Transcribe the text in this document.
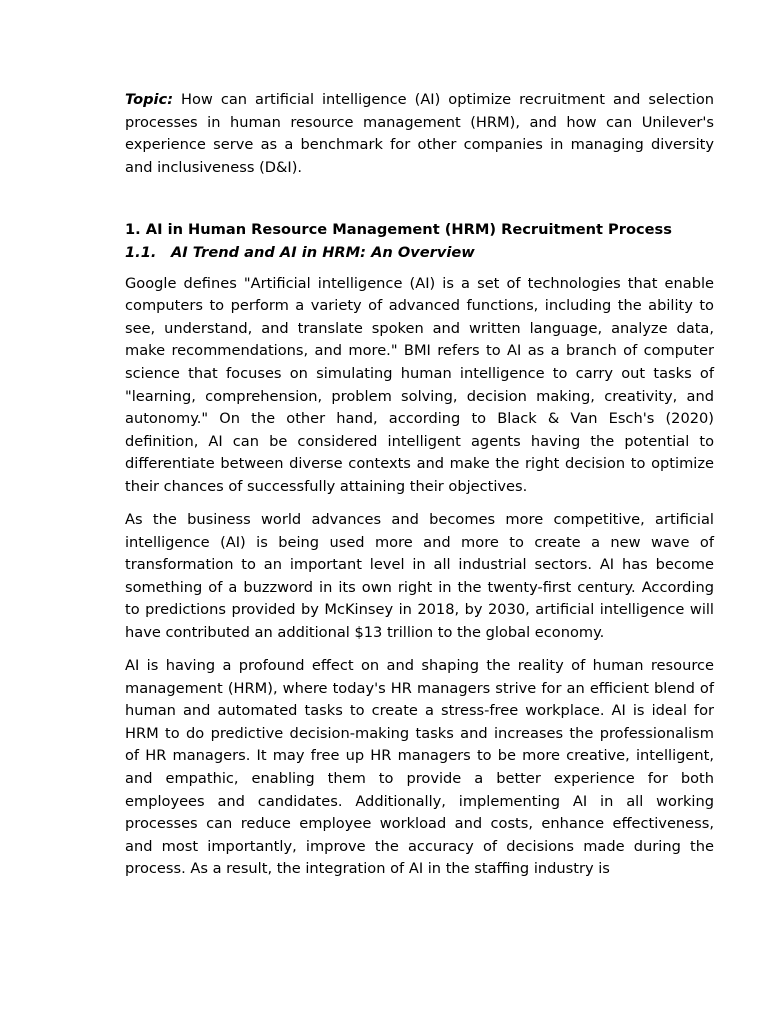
Topic: How can artificial intelligence (AI) optimize recruitment and selection processes in human resource management (HRM), and how can Unilever's experience serve as a benchmark for other companies in managing diversity and inclusiveness (D&I).

1. AI in Human Resource Management (HRM) Recruitment Process
1.1. AI Trend and AI in HRM: An Overview

Google defines "Artificial intelligence (AI) is a set of technologies that enable computers to perform a variety of advanced functions, including the ability to see, understand, and translate spoken and written language, analyze data, make recommendations, and more." BMI refers to AI as a branch of computer science that focuses on simulating human intelligence to carry out tasks of "learning, comprehension, problem solving, decision making, creativity, and autonomy." On the other hand, according to Black & Van Esch's (2020) definition, AI can be considered intelligent agents having the potential to differentiate between diverse contexts and make the right decision to optimize their chances of successfully attaining their objectives.

As the business world advances and becomes more competitive, artificial intelligence (AI) is being used more and more to create a new wave of transformation to an important level in all industrial sectors. AI has become something of a buzzword in its own right in the twenty-first century. According to predictions provided by McKinsey in 2018, by 2030, artificial intelligence will have contributed an additional $13 trillion to the global economy.

AI is having a profound effect on and shaping the reality of human resource management (HRM), where today's HR managers strive for an efficient blend of human and automated tasks to create a stress-free workplace. AI is ideal for HRM to do predictive decision-making tasks and increases the professionalism of HR managers. It may free up HR managers to be more creative, intelligent, and empathic, enabling them to provide a better experience for both employees and candidates. Additionally, implementing AI in all working processes can reduce employee workload and costs, enhance effectiveness, and most importantly, improve the accuracy of decisions made during the process. As a result, the integration of AI in the staffing industry is
